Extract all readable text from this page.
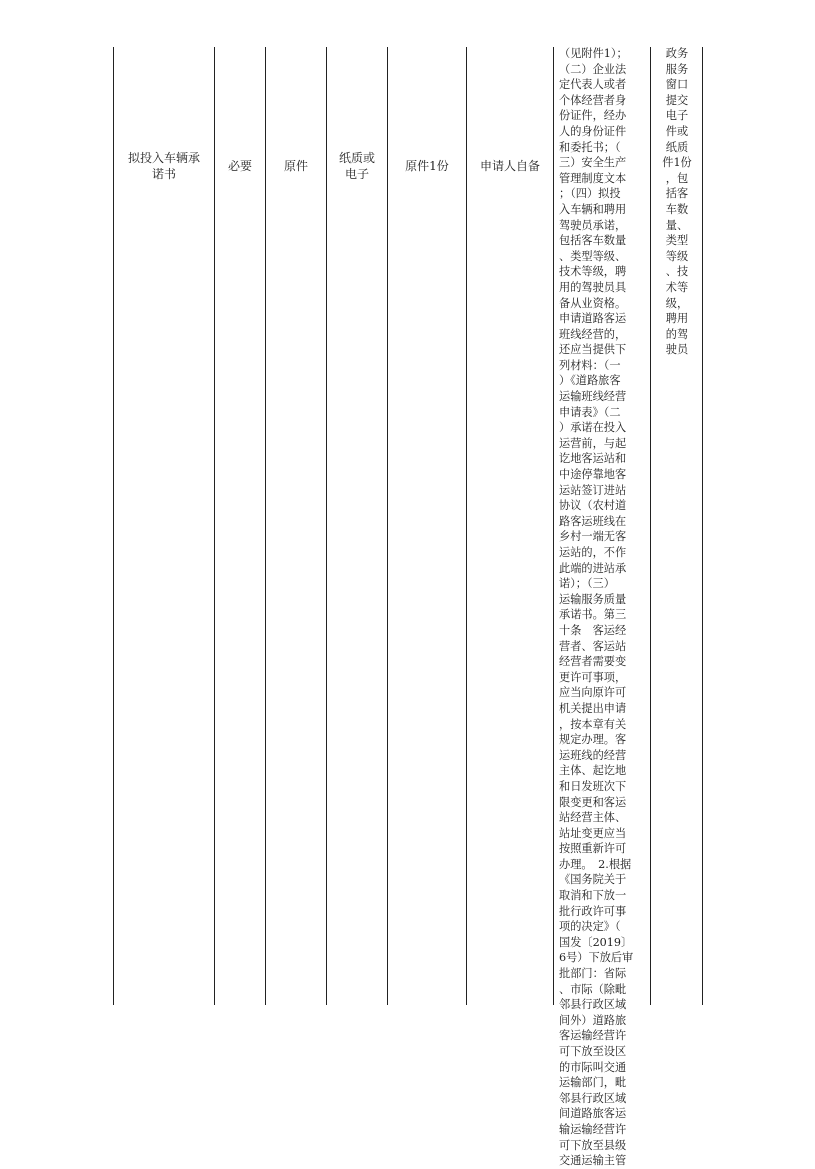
拟投入车辆承
诺书
必要	原件
纸质或
电子
原件1份	申请人自备
（见附件1）；
（二）企业法
定代表人或者
个体经营者身
份证件，经办
人的身份证件
和委托书；（
三）安全生产
管理制度文本
；（四）拟投
入车辆和聘用
驾驶员承诺，
包括客车数量
、类型等级、
技术等级，聘
用的驾驶员具
备从业资格。
申请道路客运
班线经营的，
还应当提供下
列材料：（一
）《道路旅客
运输班线经营
申请表》（二
）承诺在投入
运营前，与起
讫地客运站和
中途停靠地客
运站签订进站
协议（农村道
路客运班线在
乡村一端无客
运站的，不作
此端的进站承
诺）；（三）
运输服务质量
承诺书。第三
十条　客运经
营者、客运站
经营者需要变
更许可事项，
应当向原许可
机关提出申请
，按本章有关
规定办理。客
运班线的经营
主体、起讫地
和日发班次下
限变更和客运
站经营主体、
站址变更应当
按照重新许可
办理。　2.根据
《国务院关于
取消和下放一
批行政许可事
项的决定》（
国发〔2019〕
6号）下放后审
批部门：省际
、市际（除毗
邻县行政区域
间外）道路旅
客运输经营许
可下放至设区
的市际叫交通
运输部门，毗
邻县行政区域
间道路旅客运
输运输经营许
可下放至县级
交通运输主管
政务
服务
窗口
提交
电子
件或
纸质
件1份
，包
括客
车数
量、
类型
等级
、技
术等
级，
聘用
的驾
驶员
